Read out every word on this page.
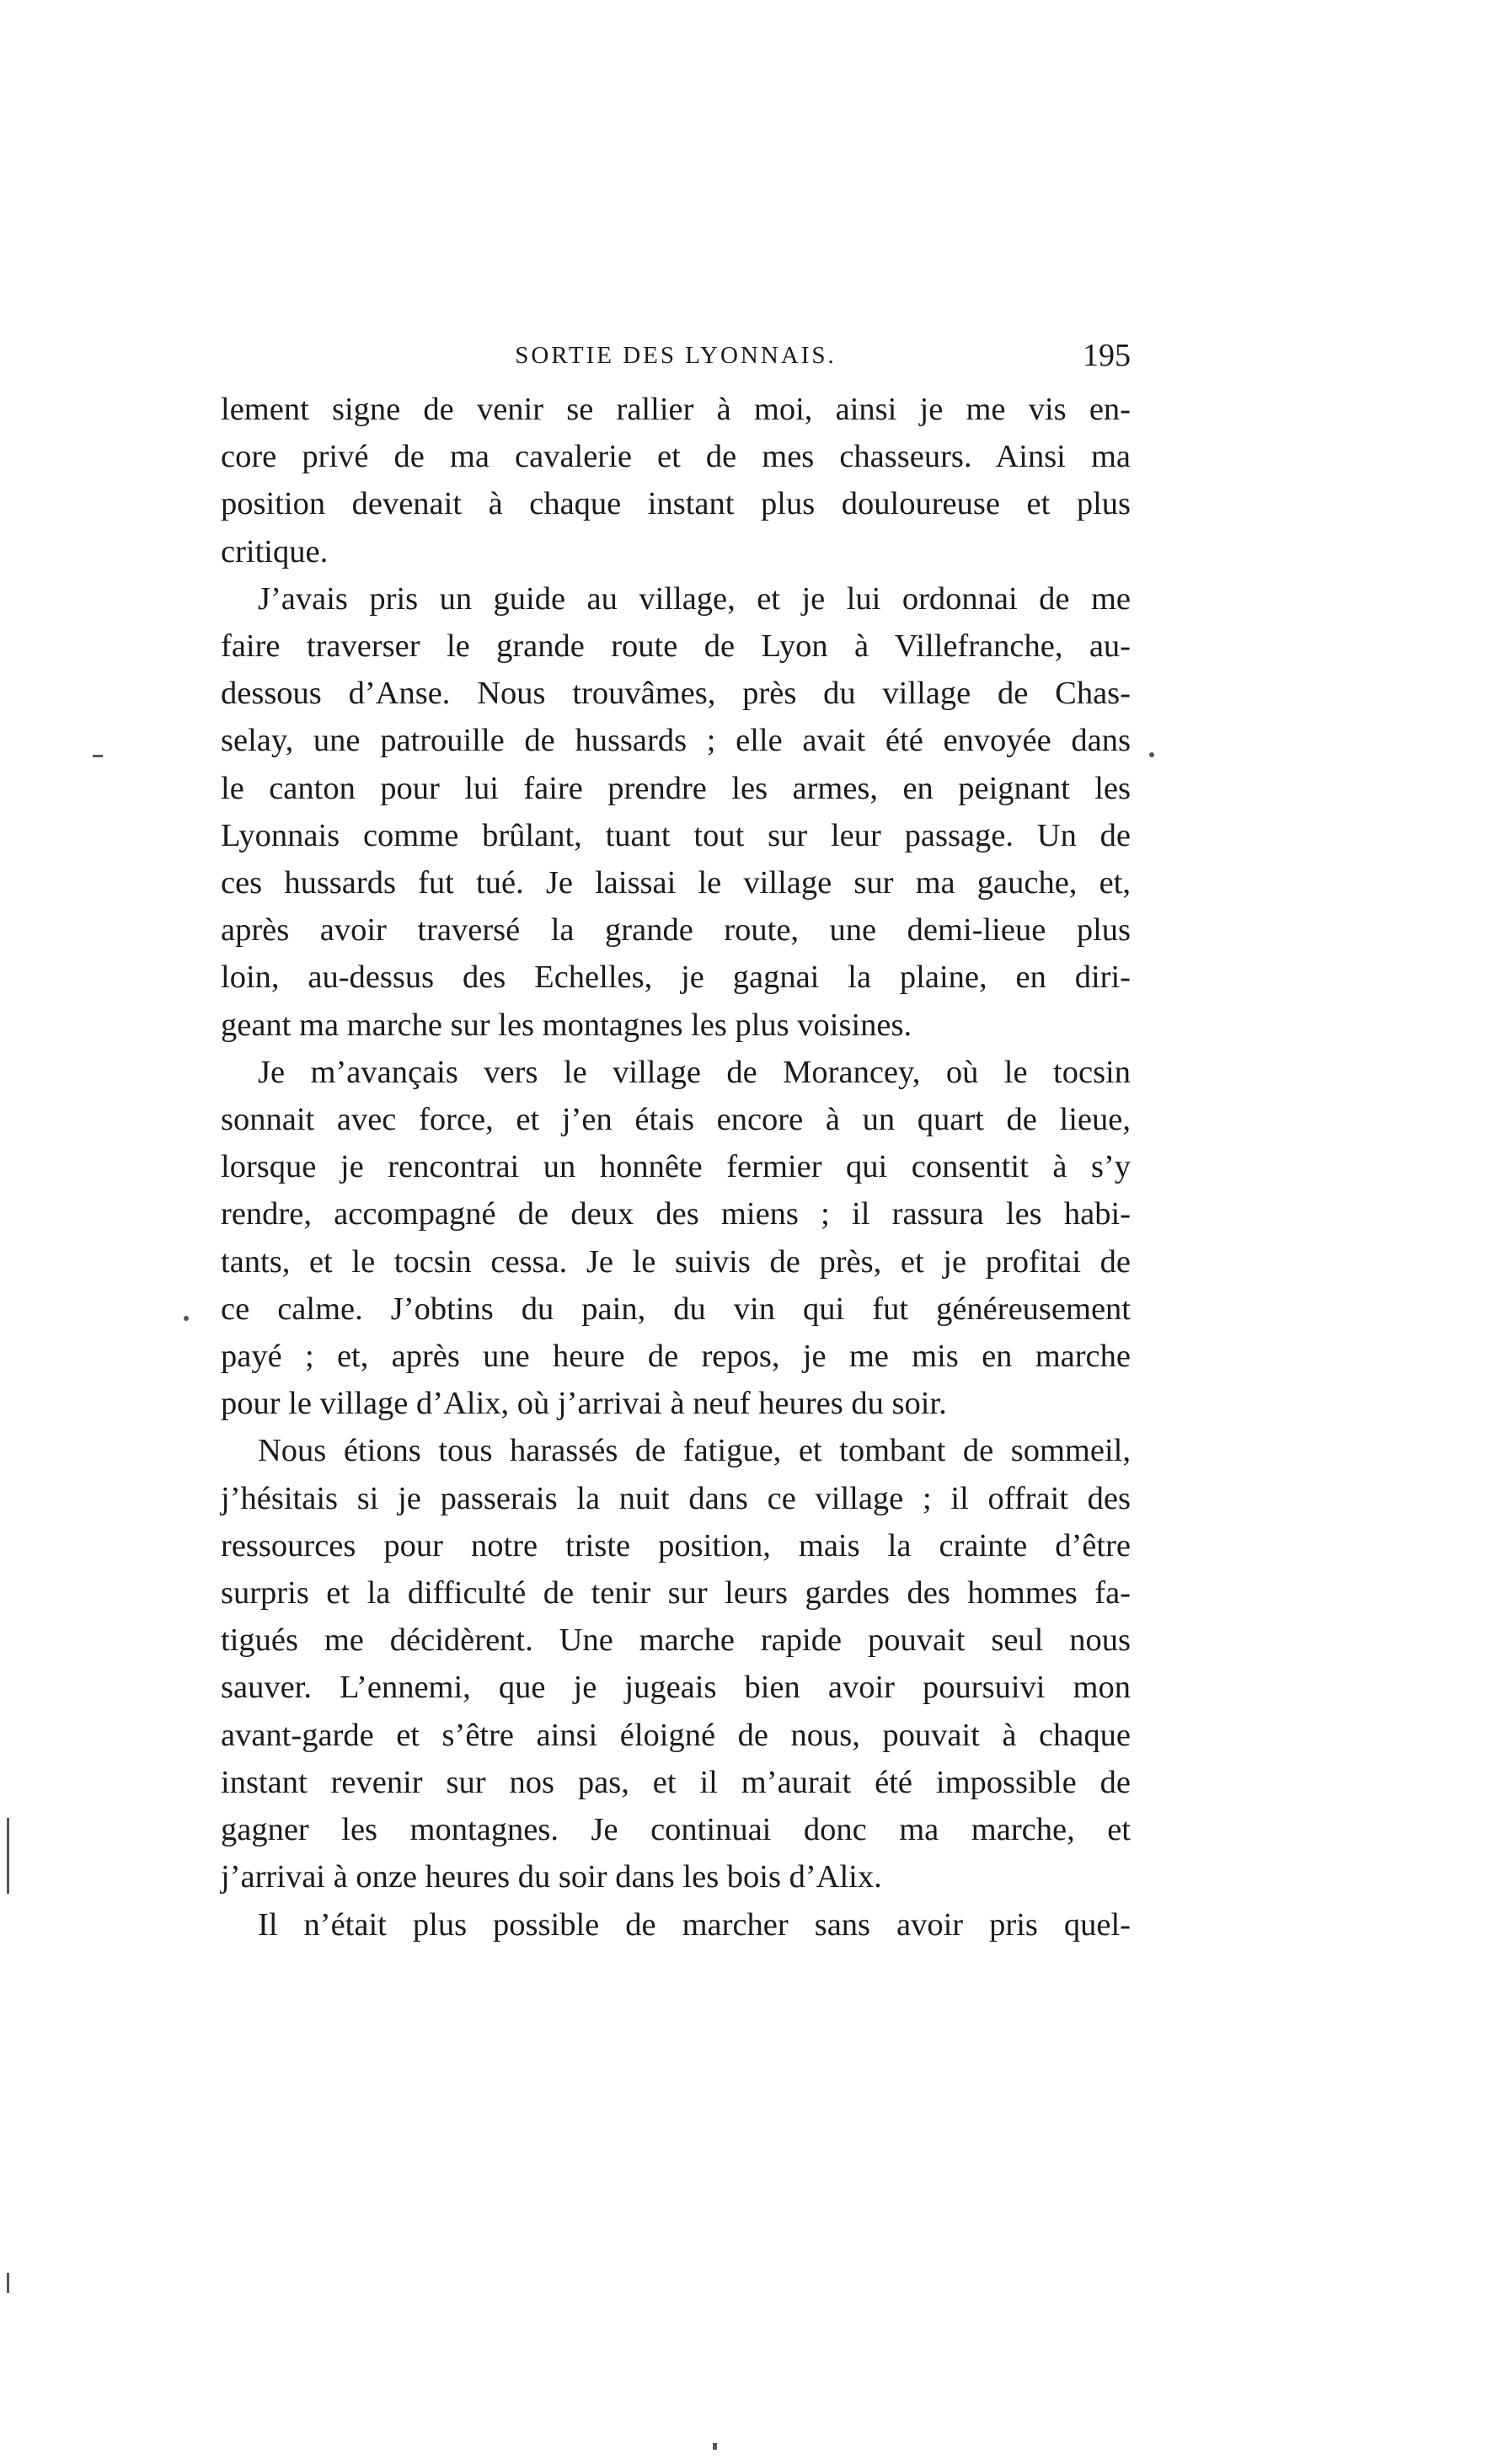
SORTIE DES LYONNAIS.	195

lement signe de venir se rallier à moi, ainsi je me vis en-
core privé de ma cavalerie et de mes chasseurs. Ainsi ma
position devenait à chaque instant plus douloureuse et plus
critique.

J’avais pris un guide au village, et je lui ordonnai de me
faire traverser le grande route de Lyon à Villefranche, au-
dessous d’Anse. Nous trouvâmes, près du village de Chas-
selay, une patrouille de hussards ; elle avait été envoyée dans
le canton pour lui faire prendre les armes, en peignant les
Lyonnais comme brûlant, tuant tout sur leur passage. Un de
ces hussards fut tué. Je laissai le village sur ma gauche, et,
après avoir traversé la grande route, une demi-lieue plus
loin, au-dessus des Echelles, je gagnai la plaine, en diri-
geant ma marche sur les montagnes les plus voisines.

Je m’avançais vers le village de Morancey, où le tocsin
sonnait avec force, et j’en étais encore à un quart de lieue,
lorsque je rencontrai un honnête fermier qui consentit à s’y
rendre, accompagné de deux des miens ; il rassura les habi-
tants, et le tocsin cessa. Je le suivis de près, et je profitai de
ce calme. J’obtins du pain, du vin qui fut généreusement
payé ; et, après une heure de repos, je me mis en marche
pour le village d’Alix, où j’arrivai à neuf heures du soir.

Nous étions tous harassés de fatigue, et tombant de sommeil,
j’hésitais si je passerais la nuit dans ce village ; il offrait des
ressources pour notre triste position, mais la crainte d’être
surpris et la difficulté de tenir sur leurs gardes des hommes fa-
tigués me décidèrent. Une marche rapide pouvait seul nous
sauver. L’ennemi, que je jugeais bien avoir poursuivi mon
avant-garde et s’être ainsi éloigné de nous, pouvait à chaque
instant revenir sur nos pas, et il m’aurait été impossible de
gagner les montagnes. Je continuai donc ma marche, et
j’arrivai à onze heures du soir dans les bois d’Alix.

Il n’était plus possible de marcher sans avoir pris quel-
